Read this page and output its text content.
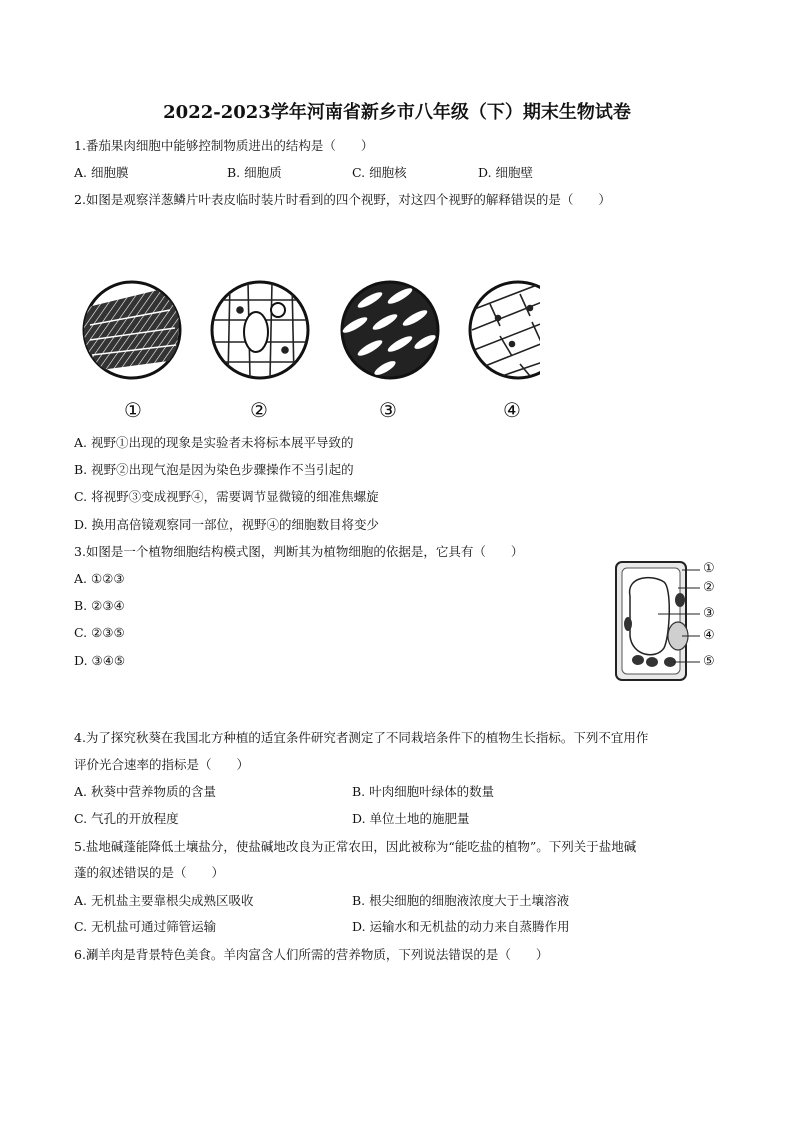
2022-2023学年河南省新乡市八年级（下）期末生物试卷
1.番茄果肉细胞中能够控制物质进出的结构是（　　）
A. 细胞膜	B. 细胞质	C. 细胞核	D. 细胞壁
2.如图是观察洋葱鳞片叶表皮临时装片时看到的四个视野，对这四个视野的解释错误的是（　　）
①	②	③	④
A. 视野①出现的现象是实验者未将标本展平导致的
B. 视野②出现气泡是因为染色步骤操作不当引起的
C. 将视野③变成视野④，需要调节显微镜的细准焦螺旋
D. 换用高倍镜观察同一部位，视野④的细胞数目将变少
3.如图是一个植物细胞结构模式图，判断其为植物细胞的依据是，它具有（　　）
A. ①②③
B. ②③④
C. ②③⑤
D. ③④⑤
①
②
③
④
⑤
4.为了探究秋葵在我国北方种植的适宜条件研究者测定了不同栽培条件下的植物生长指标。下列不宜用作
评价光合速率的指标是（　　）
A. 秋葵中营养物质的含量	B. 叶肉细胞叶绿体的数量
C. 气孔的开放程度	D. 单位土地的施肥量
5.盐地碱蓬能降低土壤盐分，使盐碱地改良为正常农田，因此被称为“能吃盐的植物”。下列关于盐地碱
蓬的叙述错误的是（　　）
A. 无机盐主要靠根尖成熟区吸收	B. 根尖细胞的细胞液浓度大于土壤溶液
C. 无机盐可通过筛管运输	D. 运输水和无机盐的动力来自蒸腾作用
6.涮羊肉是背景特色美食。羊肉富含人们所需的营养物质，下列说法错误的是（　　）
